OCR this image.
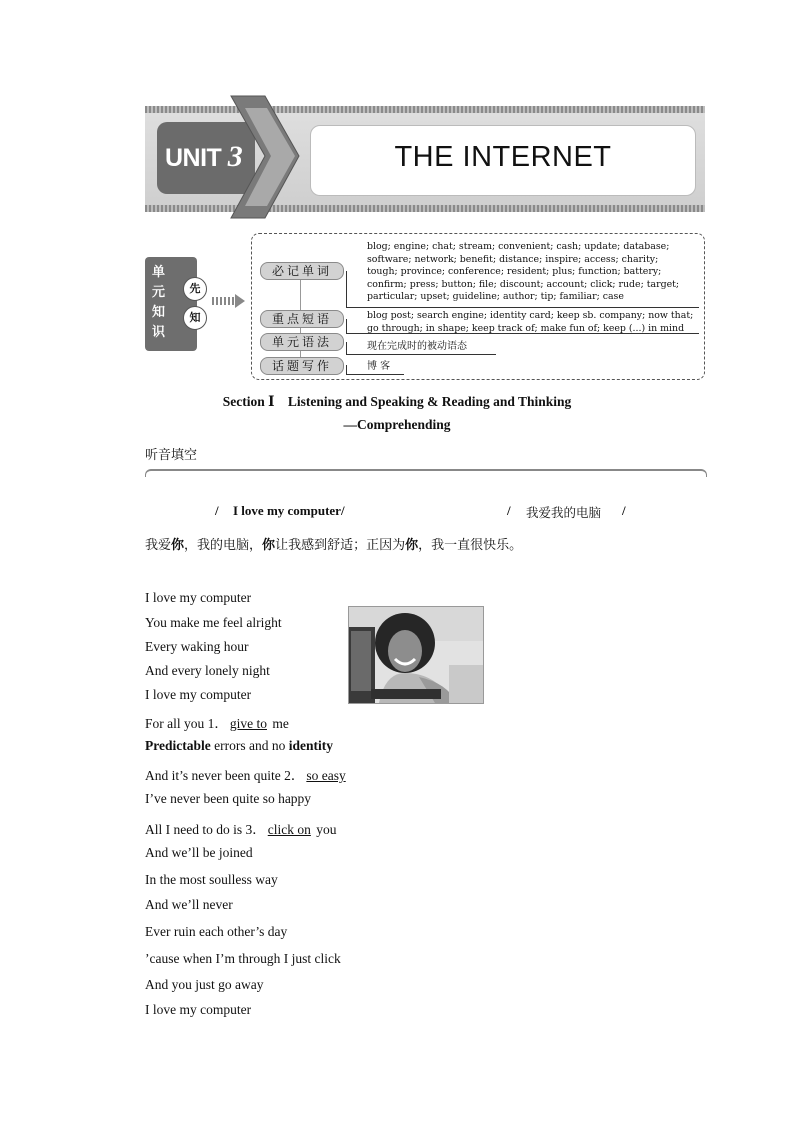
UNIT 3	THE INTERNET
单
元
知
识
先
知
必记单词
重点短语
单元语法
话题写作
blog; engine; chat; stream; convenient; cash; update; database;
software; network; benefit; distance; inspire; access; charity;
tough; province; conference; resident; plus; function; battery;
confirm; press; button; file; discount; account; click; rude; target;
particular; upset; guideline; author; tip; familiar; case
blog post; search engine; identity card; keep sb. company; now that;
go through; in shape; keep track of; make fun of; keep (...) in mind
现在完成时的被动语态
博 客
Section Ⅰ　Listening and Speaking & Reading and Thinking
—Comprehending
听音填空
/ I love my computer/	/ 我爱我的电脑 /
我爱你，我的电脑，你让我感到舒适；正因为你，我一直很快乐。
I love my computer
You make me feel alright
Every waking hour
And every lonely night
I love my computer
For all you 1． give to me
Predictable errors and no identity
And it’s never been quite 2． so easy
I’ve never been quite so happy
All I need to do is 3． click on you
And we’ll be joined
In the most soulless way
And we’ll never
Ever ruin each other’s day
’cause when I’m through I just click
And you just go away
I love my computer
